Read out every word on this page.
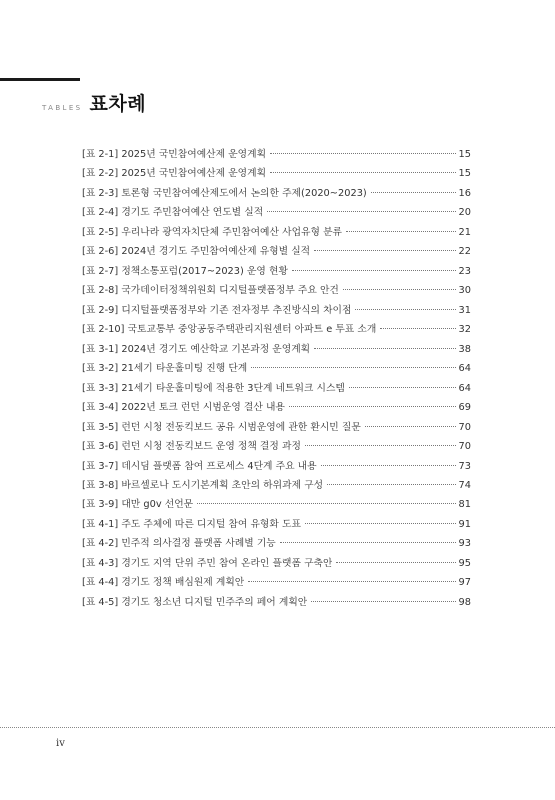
TABLES 표차례
[표 2-1] 2025년 국민참여예산제 운영계획	15
[표 2-2] 2025년 국민참여예산제 운영계획	15
[표 2-3] 토론형 국민참여예산제도에서 논의한 주제(2020~2023)	16
[표 2-4] 경기도 주민참여예산 연도별 실적	20
[표 2-5] 우리나라 광역자치단체 주민참여예산 사업유형 분류	21
[표 2-6] 2024년 경기도 주민참여예산제 유형별 실적	22
[표 2-7] 정책소통포럼(2017~2023) 운영 현황	23
[표 2-8] 국가데이터정책위원회 디지털플랫폼정부 주요 안건	30
[표 2-9] 디지털플랫폼정부와 기존 전자정부 추진방식의 차이점	31
[표 2-10] 국토교통부 중앙공동주택관리지원센터 아파트 e 투표 소개	32
[표 3-1] 2024년 경기도 예산학교 기본과정 운영계획	38
[표 3-2] 21세기 타운홀미팅 진행 단계	64
[표 3-3] 21세기 타운홀미팅에 적용한 3단계 네트워크 시스템	64
[표 3-4] 2022년 토크 런던 시범운영 결산 내용	69
[표 3-5] 런던 시청 전동킥보드 공유 시범운영에 관한 환시민 질문	70
[표 3-6] 런던 시청 전동킥보드 운영 정책 결정 과정	70
[표 3-7] 데시딤 플랫폼 참여 프로세스 4단계 주요 내용	73
[표 3-8] 바르셀로나 도시기본계획 초안의 하위과제 구성	74
[표 3-9] 대만 g0v 선언문	81
[표 4-1] 주도 주체에 따른 디지털 참여 유형화 도표	91
[표 4-2] 민주적 의사결정 플랫폼 사례별 기능	93
[표 4-3] 경기도 지역 단위 주민 참여 온라인 플랫폼 구축안	95
[표 4-4] 경기도 정책 배심원제 계획안	97
[표 4-5] 경기도 청소년 디지털 민주주의 페어 계획안	98
iv
